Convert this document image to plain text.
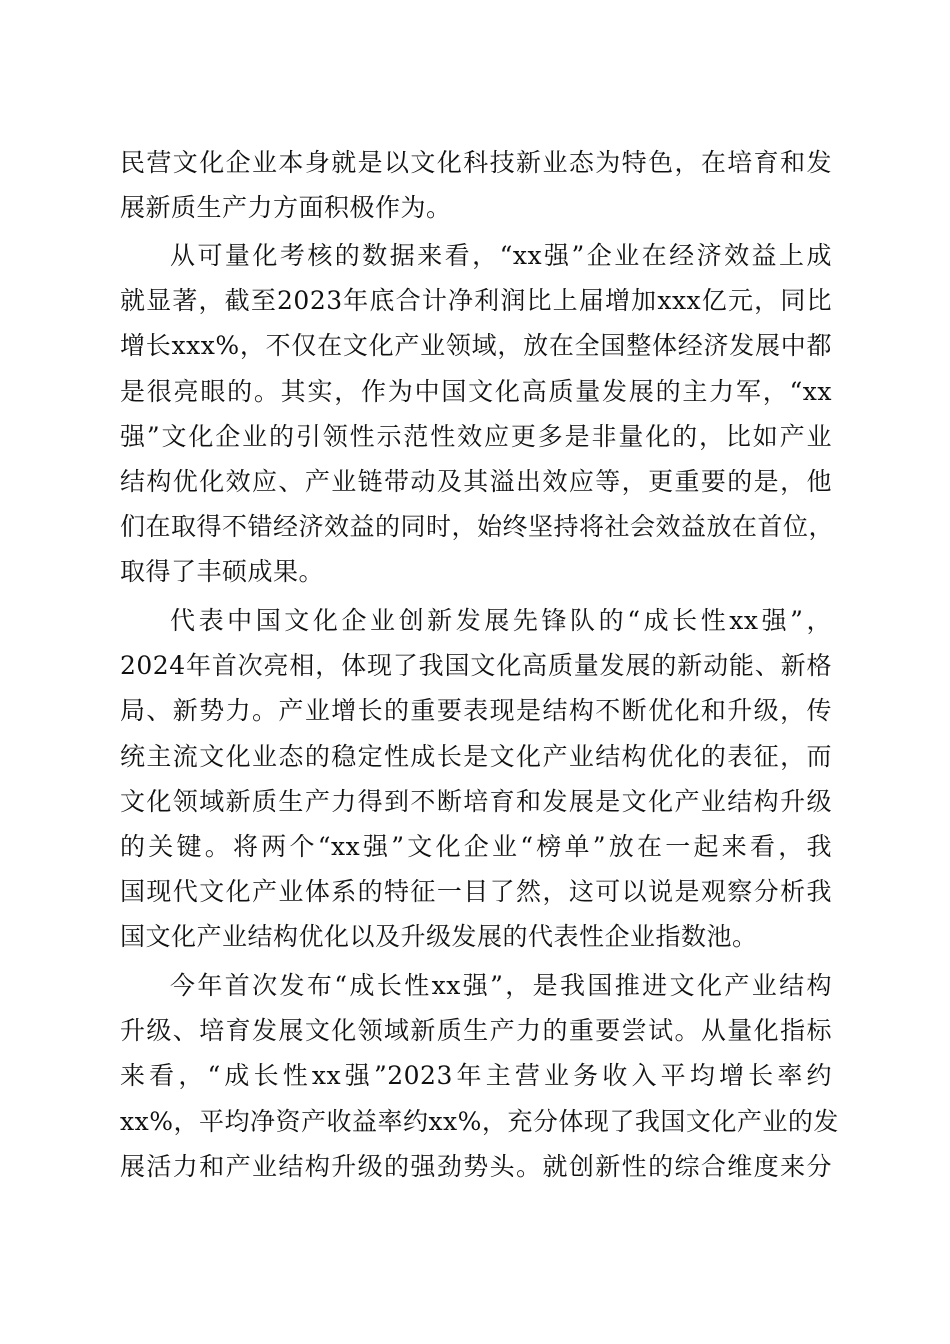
民营文化企业本身就是以文化科技新业态为特色，在培育和发
展新质生产力方面积极作为。
从可量化考核的数据来看，“xx强”企业在经济效益上成
就显著，截至2023年底合计净利润比上届增加xxx亿元，同比
增长xxx%，不仅在文化产业领域，放在全国整体经济发展中都
是很亮眼的。其实，作为中国文化高质量发展的主力军，“xx
强”文化企业的引领性示范性效应更多是非量化的，比如产业
结构优化效应、产业链带动及其溢出效应等，更重要的是，他
们在取得不错经济效益的同时，始终坚持将社会效益放在首位，
取得了丰硕成果。
代表中国文化企业创新发展先锋队的“成长性xx强”，
2024年首次亮相，体现了我国文化高质量发展的新动能、新格
局、新势力。产业增长的重要表现是结构不断优化和升级，传
统主流文化业态的稳定性成长是文化产业结构优化的表征，而
文化领域新质生产力得到不断培育和发展是文化产业结构升级
的关键。将两个“xx强”文化企业“榜单”放在一起来看，我
国现代文化产业体系的特征一目了然，这可以说是观察分析我
国文化产业结构优化以及升级发展的代表性企业指数池。
今年首次发布“成长性xx强”，是我国推进文化产业结构
升级、培育发展文化领域新质生产力的重要尝试。从量化指标
来看，“成长性xx强”2023年主营业务收入平均增长率约
xx%，平均净资产收益率约xx%，充分体现了我国文化产业的发
展活力和产业结构升级的强劲势头。就创新性的综合维度来分
